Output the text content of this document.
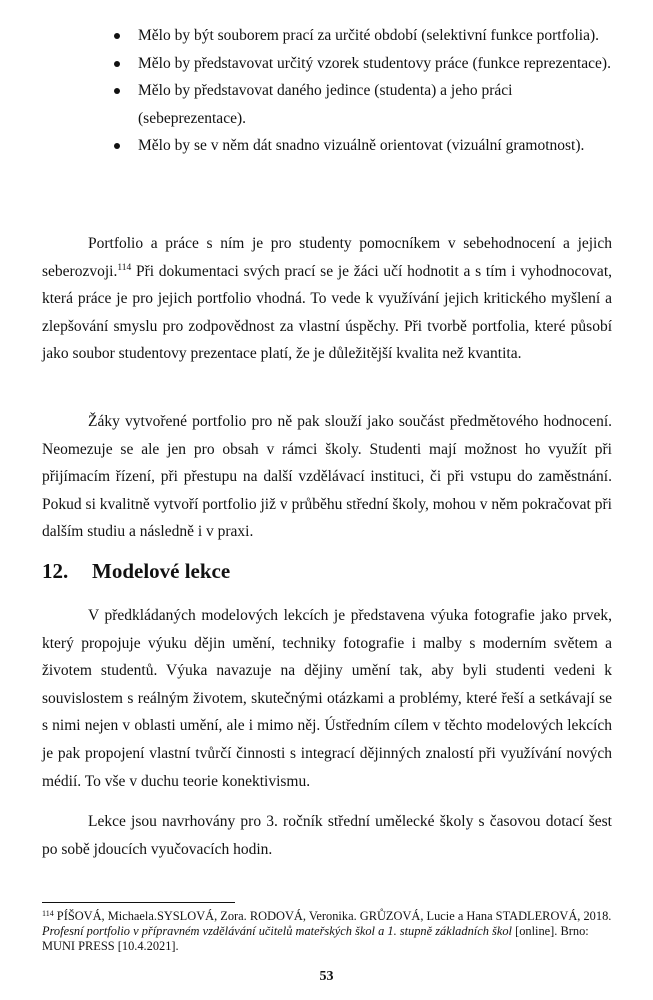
Mělo by být souborem prací za určité období (selektivní funkce portfolia).
Mělo by představovat určitý vzorek studentovy práce (funkce reprezentace).
Mělo by představovat daného jedince (studenta) a jeho práci (sebeprezentace).
Mělo by se v něm dát snadno vizuálně orientovat (vizuální gramotnost).

Portfolio a práce s ním je pro studenty pomocníkem v sebehodnocení a jejich seberozvoji.$^{114}$ Při dokumentaci svých prací se je žáci učí hodnotit a s tím i vyhodnocovat, která práce je pro jejich portfolio vhodná. To vede k využívání jejich kritického myšlení a zlepšování smyslu pro zodpovědnost za vlastní úspěchy. Při tvorbě portfolia, které působí jako soubor studentovy prezentace platí, že je důležitější kvalita než kvantita.

Žáky vytvořené portfolio pro ně pak slouží jako součást předmětového hodnocení. Neomezuje se ale jen pro obsah v rámci školy. Studenti mají možnost ho využít při přijímacím řízení, při přestupu na další vzdělávací instituci, či při vstupu do zaměstnání. Pokud si kvalitně vytvoří portfolio již v průběhu střední školy, mohou v něm pokračovat při dalším studiu a následně i v praxi.

12. Modelové lekce

V předkládaných modelových lekcích je představena výuka fotografie jako prvek, který propojuje výuku dějin umění, techniky fotografie i malby s moderním světem a životem studentů. Výuka navazuje na dějiny umění tak, aby byli studenti vedeni k souvislostem s reálným životem, skutečnými otázkami a problémy, které řeší a setkávají se s nimi nejen v oblasti umění, ale i mimo něj. Ústředním cílem v těchto modelových lekcích je pak propojení vlastní tvůrčí činnosti s integrací dějinných znalostí při využívání nových médií. To vše v duchu teorie konektivismu.

Lekce jsou navrhovány pro 3. ročník střední umělecké školy s časovou dotací šest po sobě jdoucích vyučovacích hodin.

$^{114}$ PÍŠOVÁ, Michaela.SYSLOVÁ, Zora. RODOVÁ, Veronika. GRŮZOVÁ, Lucie a Hana STADLEROVÁ, 2018. Profesní portfolio v přípravném vzdělávání učitelů mateřských škol a 1. stupně základních škol [online]. Brno: MUNI PRESS [10.4.2021].

53
